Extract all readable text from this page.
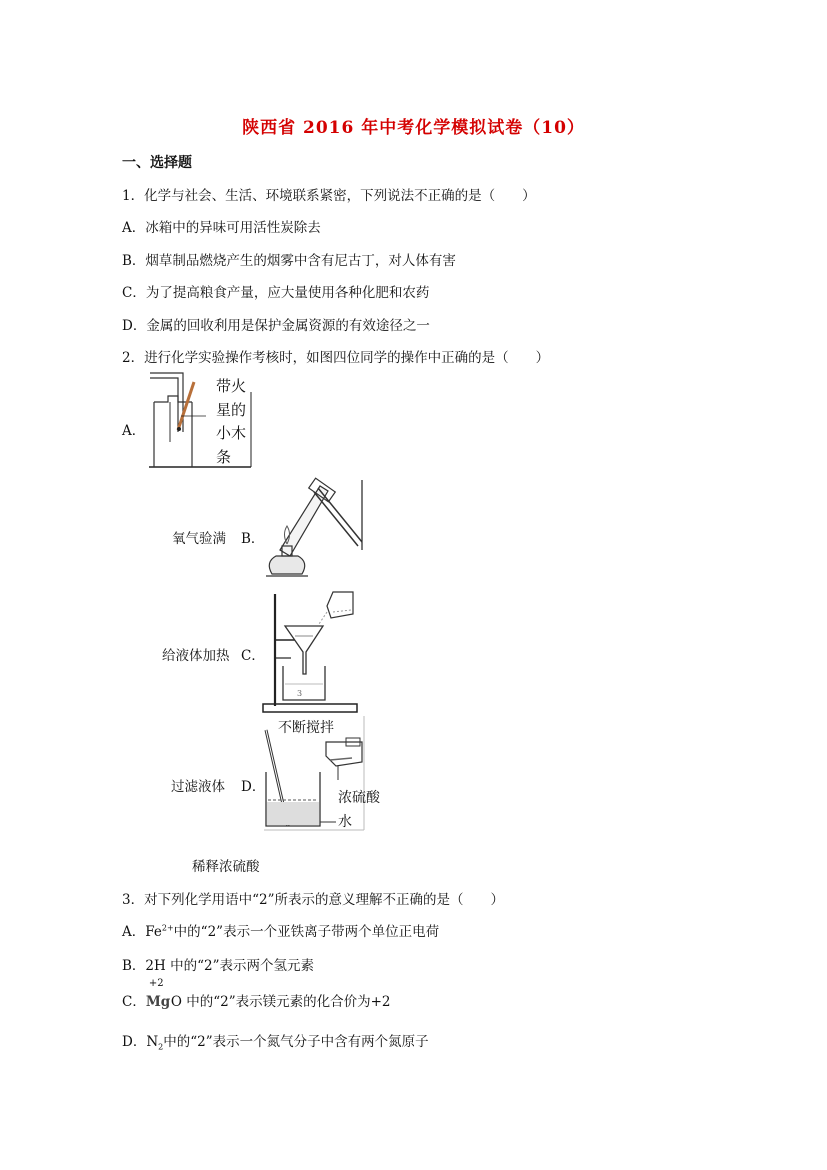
陕西省 2016 年中考化学模拟试卷（10）
一、选择题
1．化学与社会、生活、环境联系紧密，下列说法不正确的是（　　）
A．冰箱中的异味可用活性炭除去
B．烟草制品燃烧产生的烟雾中含有尼古丁，对人体有害
C．为了提高粮食产量，应大量使用各种化肥和农药
D．金属的回收利用是保护金属资源的有效途径之一
2．进行化学实验操作考核时，如图四位同学的操作中正确的是（　　）
A．
带火
星的
小木
条
氧气验满 B．
给液体加热 C．
3
过滤液体 D．
不断搅拌
浓硫酸
水
稀释浓硫酸
3．对下列化学用语中“2”所表示的意义理解不正确的是（　　）
A．$Fe^{2+}$中的“2”表示一个亚铁离子带两个单位正电荷
B．2H 中的“2”表示两个氢元素
C．
+2
MgO 中的“2”表示镁元素的化合价为+2
D．$N_2$中的“2”表示一个氮气分子中含有两个氮原子
